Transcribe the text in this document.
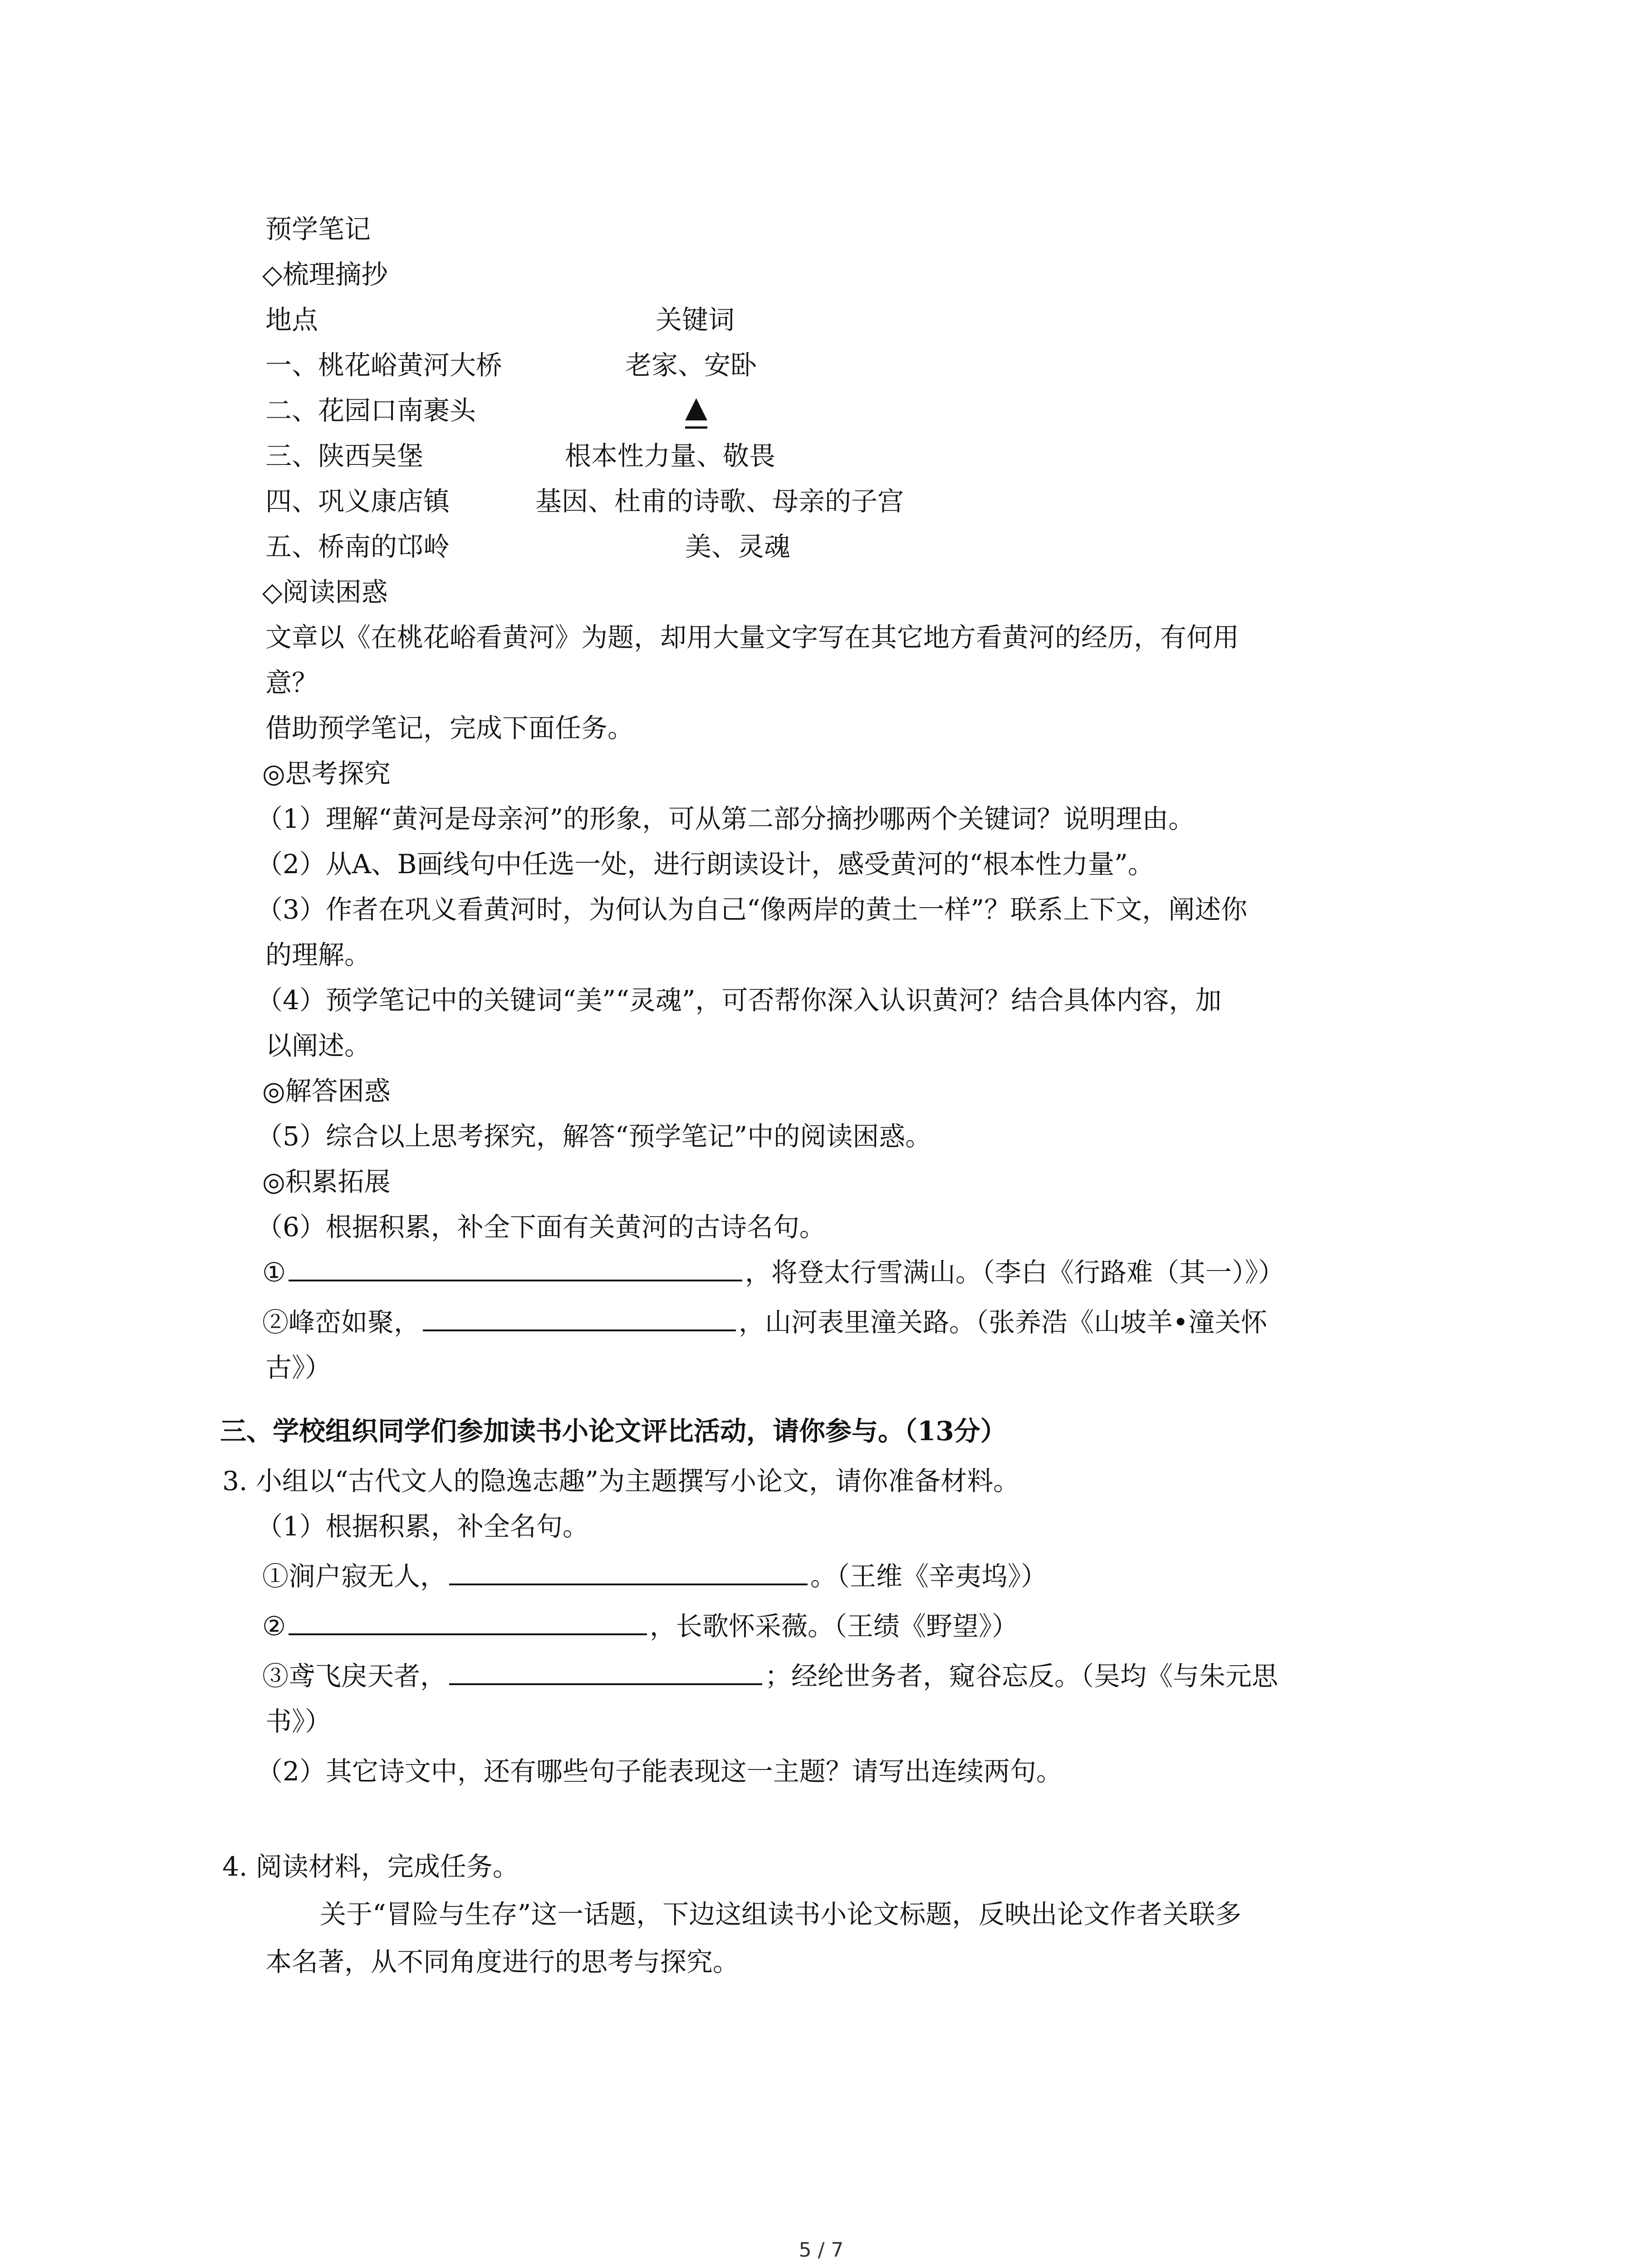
预学笔记
◇梳理摘抄
地点	关键词
一、桃花峪黄河大桥	老家、安卧
二、花园口南裹头	▲
三、陕西吴堡	根本性力量、敬畏
四、巩义康店镇	基因、杜甫的诗歌、母亲的子宫
五、桥南的邙岭	美、灵魂
◇阅读困惑
文章以《在桃花峪看黄河》为题，却用大量文字写在其它地方看黄河的经历，有何用
意？
借助预学笔记，完成下面任务。
◎思考探究
（1）理解“黄河是母亲河”的形象，可从第二部分摘抄哪两个关键词？说明理由。
（2）从A、B画线句中任选一处，进行朗读设计，感受黄河的“根本性力量”。
（3）作者在巩义看黄河时，为何认为自己“像两岸的黄土一样”？联系上下文，阐述你
的理解。
（4）预学笔记中的关键词“美”“灵魂”，可否帮你深入认识黄河？结合具体内容，加
以阐述。
◎解答困惑
（5）综合以上思考探究，解答“预学笔记”中的阅读困惑。
◎积累拓展
（6）根据积累，补全下面有关黄河的古诗名句。
①	，将登太行雪满山。（李白《行路难（其一）》）
②峰峦如聚，	，山河表里潼关路。（张养浩《山坡羊•潼关怀
古》）
三、学校组织同学们参加读书小论文评比活动，请你参与。（13分）
3. 小组以“古代文人的隐逸志趣”为主题撰写小论文，请你准备材料。
（1）根据积累，补全名句。
①涧户寂无人，	。（王维《辛夷坞》）
②	，长歌怀采薇。（王绩《野望》）
③鸢飞戾天者，	；经纶世务者，窥谷忘反。（吴均《与朱元思
书》）
（2）其它诗文中，还有哪些句子能表现这一主题？请写出连续两句。
4. 阅读材料，完成任务。
关于“冒险与生存”这一话题，下边这组读书小论文标题，反映出论文作者关联多
本名著，从不同角度进行的思考与探究。
5 / 7
